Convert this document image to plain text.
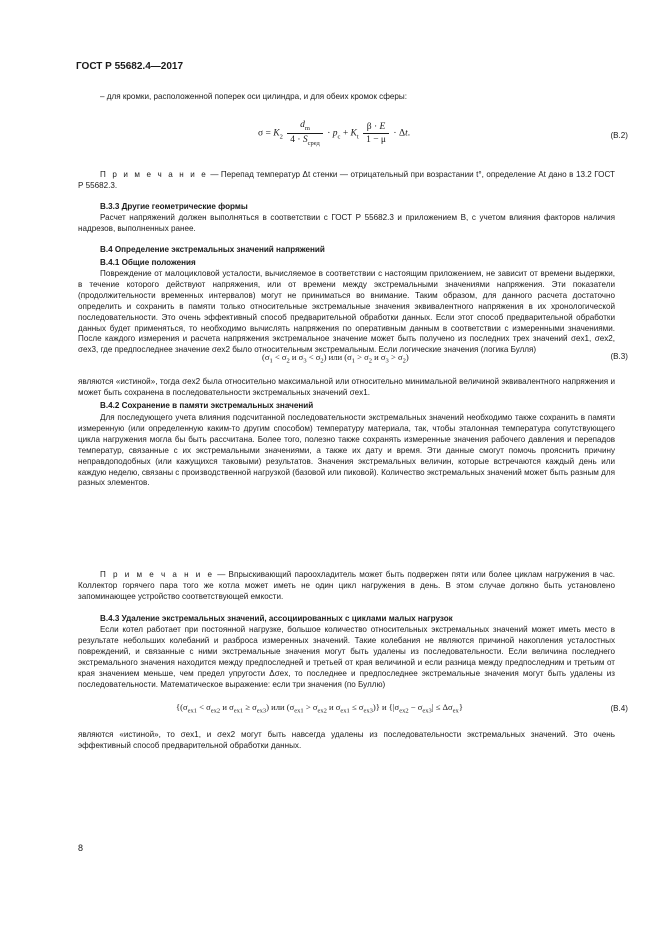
ГОСТ Р 55682.4—2017
– для кромки, расположенной поперек оси цилиндра, и для обеих кромок сферы:
$\sigma = K_2 \frac{d_m}{4 \cdot S_{сред}} \cdot p_c + K_t \frac{\beta \cdot E}{1 - \mu} \cdot \Delta t$.	(B.2)
П р и м е ч а н и е — Перепад температур Δt стенки — отрицательный при возрастании t°, определение At дано в 13.2 ГОСТ Р 55682.3.
B.3.3 Другие геометрические формы
Расчет напряжений должен выполняться в соответствии с ГОСТ Р 55682.3 и приложением B, с учетом влияния факторов наличия надрезов, выполненных ранее.
B.4 Определение экстремальных значений напряжений
B.4.1 Общие положения
Повреждение от малоцикловой усталости, вычисляемое в соответствии с настоящим приложением, не зависит от времени выдержки, в течение которого действуют напряжения, или от времени между экстремальными значениями напряжения. Эти показатели (продолжительности временных интервалов) могут не приниматься во внимание. Таким образом, для данного расчета достаточно определить и сохранить в памяти только относительные экстремальные значения эквивалентного напряжения в их хронологической последовательности. Это очень эффективный способ предварительной обработки данных. Если этот способ предварительной обработки данных будет применяться, то необходимо вычислять напряжения по оперативным данным в соответствии с измеренными значениями. После каждого измерения и расчета напряжения экстремальное значение может быть получено из последних трех значений σex1, σex2, σex3, где предпоследнее значение σex2 было относительным экстремальным. Если логические значения (логика Булля)
($\sigma_1 < \sigma_2$ и $\sigma_3 < \sigma_2$) или ($\sigma_1 > \sigma_2$ и $\sigma_3 > \sigma_2$)	(B.3)
являются «истиной», тогда σex2 была относительно максимальной или относительно минимальной величиной эквивалентного напряжения и может быть сохранена в последовательности экстремальных значений σex1.
B.4.2 Сохранение в памяти экстремальных значений
Для последующего учета влияния подсчитанной последовательности экстремальных значений необходимо также сохранить в памяти измеренную (или определенную каким-то другим способом) температуру материала, так, чтобы эталонная температура сопутствующего цикла нагружения могла бы быть рассчитана. Более того, полезно также сохранять измеренные значения рабочего давления и перепадов температур, связанные с их экстремальными значениями, а также их дату и время. Эти данные смогут помочь прояснить причину неправдоподобных (или кажущихся таковыми) результатов. Значения экстремальных величин, которые встречаются каждый день или каждую неделю, связаны с производственной нагрузкой (базовой или пиковой). Количество экстремальных значений может быть разным для разных элементов.
П р и м е ч а н и е — Впрыскивающий пароохладитель может быть подвержен пяти или более циклам нагружения в час. Коллектор горячего пара того же котла может иметь не один цикл нагружения в день. В этом случае должно быть установлено запоминающее устройство соответствующей емкости.
B.4.3 Удаление экстремальных значений, ассоциированных с циклами малых нагрузок
Если котел работает при постоянной нагрузке, большое количество относительных экстремальных значений может иметь место в результате небольших колебаний и разброса измеренных значений. Такие колебания не являются причиной накопления усталостных повреждений, и связанные с ними экстремальные значения могут быть удалены из последовательности. Если величина последнего экстремального значения находится между предпоследней и третьей от края величиной и если разница между предпоследним и третьим от края значением меньше, чем предел упругости Δσex, то последнее и предпоследнее экстремальные значения могут быть удалены из последовательности. Математическое выражение: если три значения (по Буллю)
{($\sigma_{ex1} < \sigma_{ex2}$ и $\sigma_{ex1} \ge \sigma_{ex3}$) или ($\sigma_{ex1} > \sigma_{ex2}$ и $\sigma_{ex1} \le \sigma_{ex3}$)} и $\{|\sigma_{ex2} - \sigma_{ex3}| \le \Delta\sigma_{ex}\}$	(B.4)
являются «истиной», то σex1, и σex2 могут быть навсегда удалены из последовательности экстремальных значений. Это очень эффективный способ предварительной обработки данных.
8
